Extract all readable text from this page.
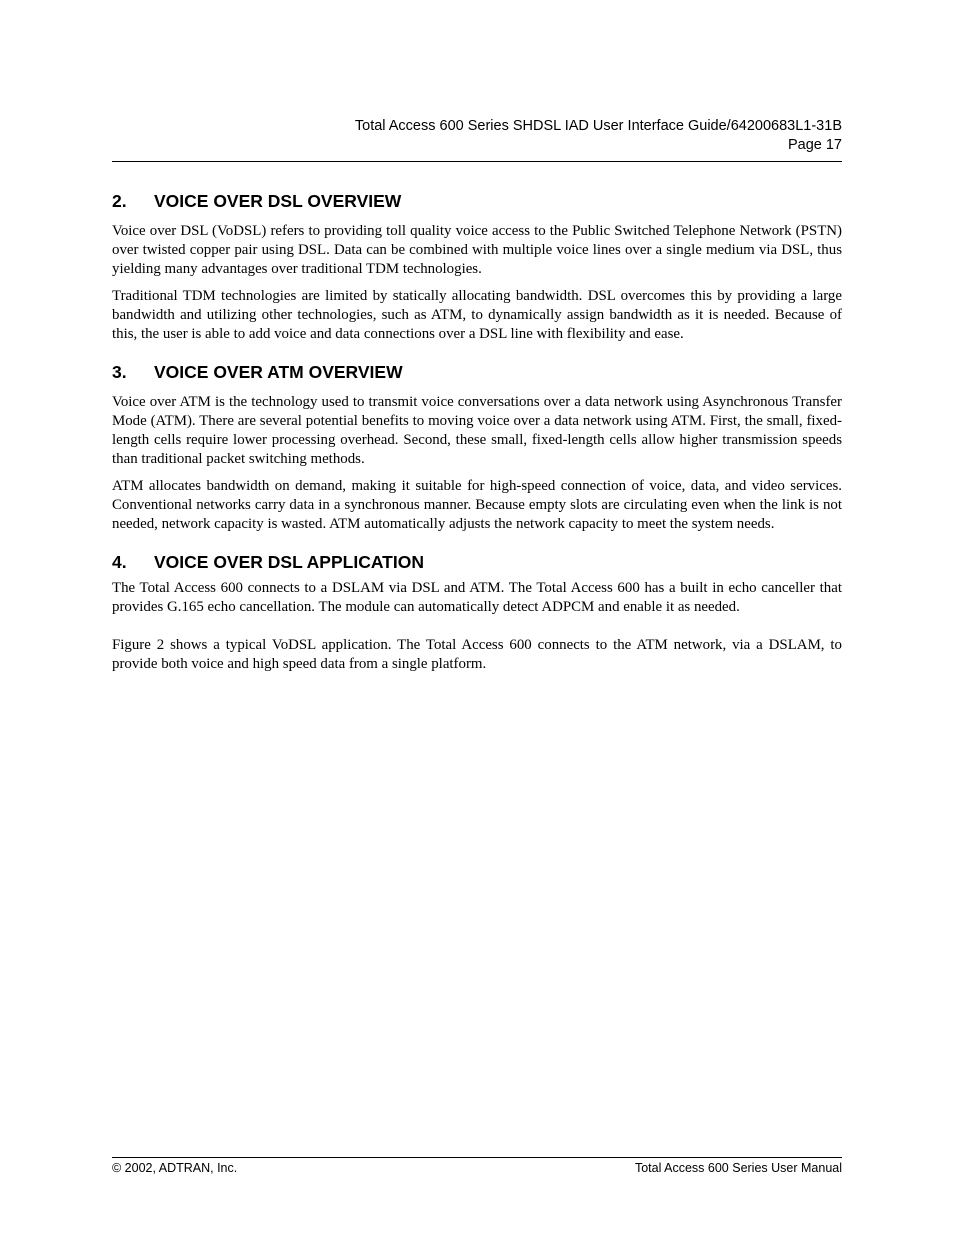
Total Access 600 Series SHDSL IAD User Interface Guide/64200683L1-31B
Page 17
2.	VOICE OVER DSL OVERVIEW

Voice over DSL (VoDSL) refers to providing toll quality voice access to the Public Switched Telephone Network (PSTN) over twisted copper pair using DSL. Data can be combined with multiple voice lines over a single medium via DSL, thus yielding many advantages over traditional TDM technologies.

Traditional TDM technologies are limited by statically allocating bandwidth. DSL overcomes this by providing a large bandwidth and utilizing other technologies, such as ATM, to dynamically assign bandwidth as it is needed. Because of this, the user is able to add voice and data connections over a DSL line with flexibility and ease.

3.	VOICE OVER ATM OVERVIEW

Voice over ATM is the technology used to transmit voice conversations over a data network using Asynchronous Transfer Mode (ATM). There are several potential benefits to moving voice over a data network using ATM. First, the small, fixed-length cells require lower processing overhead. Second, these small, fixed-length cells allow higher transmission speeds than traditional packet switching methods.

ATM allocates bandwidth on demand, making it suitable for high-speed connection of voice, data, and video services. Conventional networks carry data in a synchronous manner. Because empty slots are circulating even when the link is not needed, network capacity is wasted. ATM automatically adjusts the network capacity to meet the system needs.

4.	VOICE OVER DSL APPLICATION

The Total Access 600 connects to a DSLAM via DSL and ATM. The Total Access 600 has a built in echo canceller that provides G.165 echo cancellation. The module can automatically detect ADPCM and enable it as needed.

Figure 2 shows a typical VoDSL application. The Total Access 600 connects to the ATM network, via a DSLAM, to provide both voice and high speed data from a single platform.

© 2002, ADTRAN, Inc.	Total Access 600 Series User Manual
